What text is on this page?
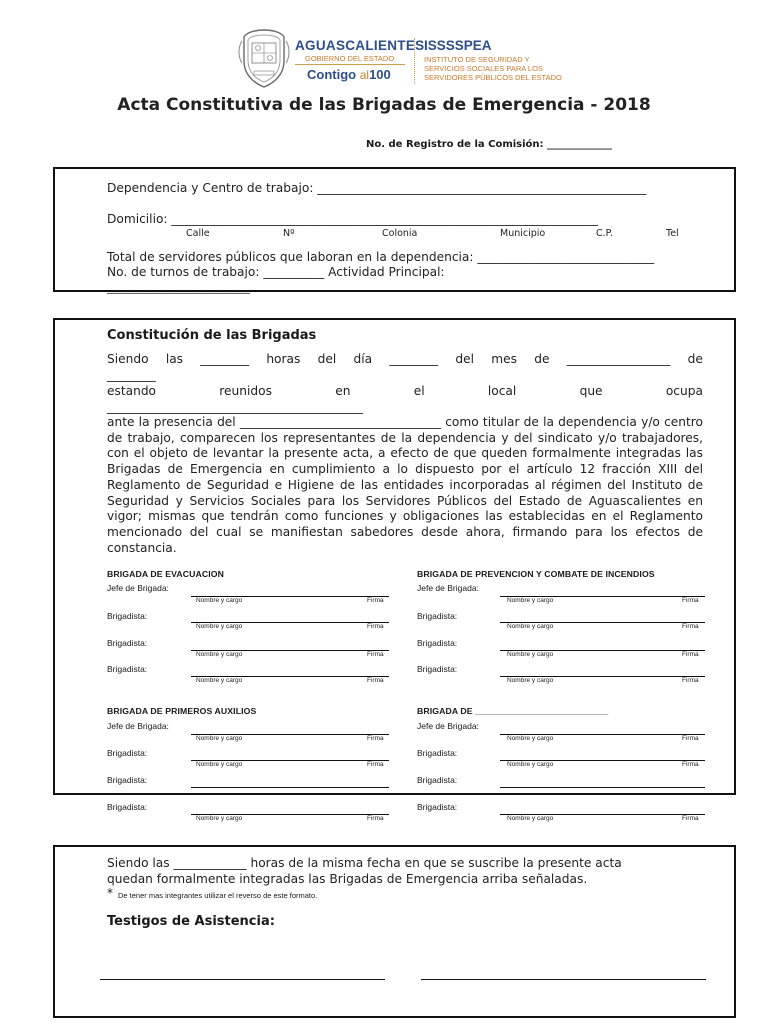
AGUASCALIENTES
GOBIERNO DEL ESTADO
Contigo al100
ISSSSPEA
INSTITUTO DE SEGURIDAD Y
SERVICIOS SOCIALES PARA LOS
SERVIDORES PÚBLICOS DEL ESTADO
Acta Constitutiva de las Brigadas de Emergencia - 2018
No. de Registro de la Comisión: _____________
Dependencia y Centro de trabajo: ______________________________________________________
Domicilio: ______________________________________________________________________
Calle	Nº	Colonia	Municipio	C.P.	Tel
Total de servidores públicos que laboran en la dependencia: _____________________________
No. de turnos de trabajo: __________ Actividad Principal:
__________________________
Constitución de las Brigadas
Siendo las ________ horas del día ________ del mes de _________________ de
________
estando	reunidos	en	el	local	que	ocupa
__________________________________________
ante la presencia del _________________________________ como titular de la dependencia y/o centro de trabajo, comparecen los representantes de la dependencia y del sindicato y/o trabajadores, con el objeto de levantar la presente acta, a efecto de que queden formalmente integradas las Brigadas de Emergencia en cumplimiento a lo dispuesto por el artículo 12 fracción XIII del Reglamento de Seguridad e Higiene de las entidades incorporadas al régimen del Instituto de Seguridad y Servicios Sociales para los Servidores Públicos del Estado de Aguascalientes en vigor; mismas que tendrán como funciones y obligaciones las establecidas en el Reglamento mencionado del cual se manifiestan sabedores desde ahora, firmando para los efectos de constancia.
BRIGADA DE EVACUACION
Jefe de Brigada:
Nombre y cargo	Firma
Brigadista:
Nombre y cargo	Firma
Brigadista:
Nombre y cargo	Firma
Brigadista:
Nombre y cargo	Firma
BRIGADA DE PREVENCION Y COMBATE DE INCENDIOS
Jefe de Brigada:
Nombre y cargo	Firma
Brigadista:
Nombre y cargo	Firma
Brigadista:
Nombre y cargo	Firma
Brigadista:
Nombre y cargo	Firma
BRIGADA DE PRIMEROS AUXILIOS
Jefe de Brigada:
Nombre y cargo	Firma
Brigadista:
Nombre y cargo	Firma
Brigadista:
Brigadista:
Nombre y cargo	Firma
BRIGADA DE ___________________________
Jefe de Brigada:
Nombre y cargo	Firma
Brigadista:
Nombre y cargo	Firma
Brigadista:
Brigadista:
Nombre y cargo	Firma
Siendo las ____________ horas de la misma fecha en que se suscribe la presente acta
quedan formalmente integradas las Brigadas de Emergencia arriba señaladas.
* De tener mas integrantes utilizar el reverso de este formato.
Testigos de Asistencia:
